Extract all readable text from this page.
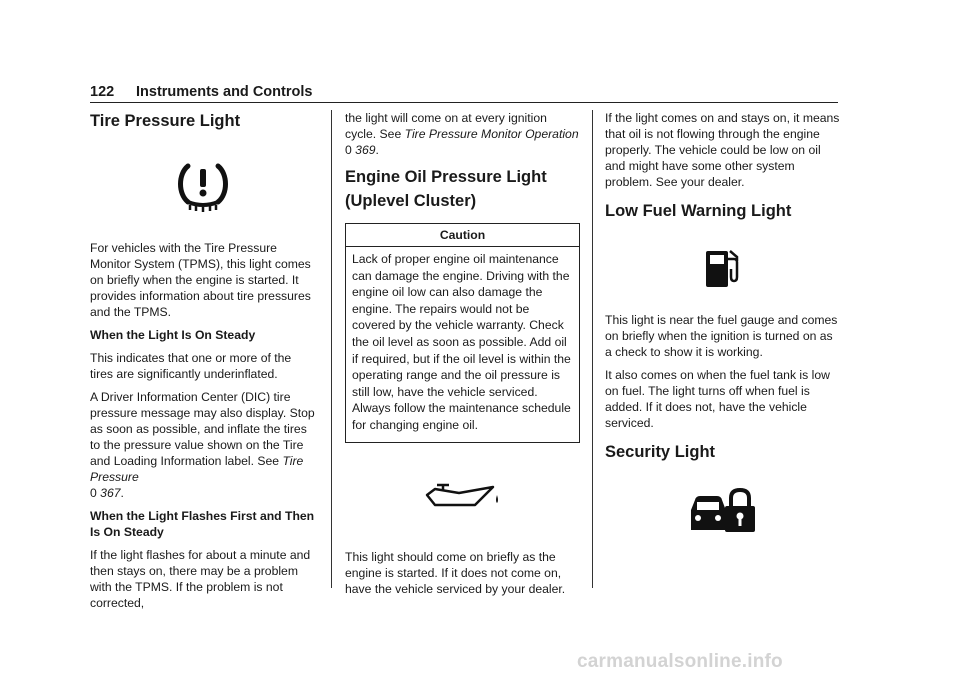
122 Instruments and Controls
Tire Pressure Light

For vehicles with the Tire Pressure Monitor System (TPMS), this light comes on briefly when the engine is started. It provides information about tire pressures and the TPMS.

When the Light Is On Steady

This indicates that one or more of the tires are significantly underinflated.

A Driver Information Center (DIC) tire pressure message may also display. Stop as soon as possible, and inflate the tires to the pressure value shown on the Tire and Loading Information label. See Tire Pressure
0 367.

When the Light Flashes First and Then Is On Steady

If the light flashes for about a minute and then stays on, there may be a problem with the TPMS. If the problem is not corrected,

the light will come on at every ignition cycle. See Tire Pressure Monitor Operation
0 369.

Engine Oil Pressure Light (Uplevel Cluster)
Caution
Lack of proper engine oil maintenance can damage the engine. Driving with the engine oil low can also damage the engine. The repairs would not be covered by the vehicle warranty. Check the oil level as soon as possible. Add oil if required, but if the oil level is within the operating range and the oil pressure is still low, have the vehicle serviced. Always follow the maintenance schedule for changing engine oil.

This light should come on briefly as the engine is started. If it does not come on, have the vehicle serviced by your dealer.

If the light comes on and stays on, it means that oil is not flowing through the engine properly. The vehicle could be low on oil and might have some other system problem. See your dealer.

Low Fuel Warning Light

This light is near the fuel gauge and comes on briefly when the ignition is turned on as a check to show it is working.

It also comes on when the fuel tank is low on fuel. The light turns off when fuel is added. If it does not, have the vehicle serviced.

Security Light
carmanualsonline.info
